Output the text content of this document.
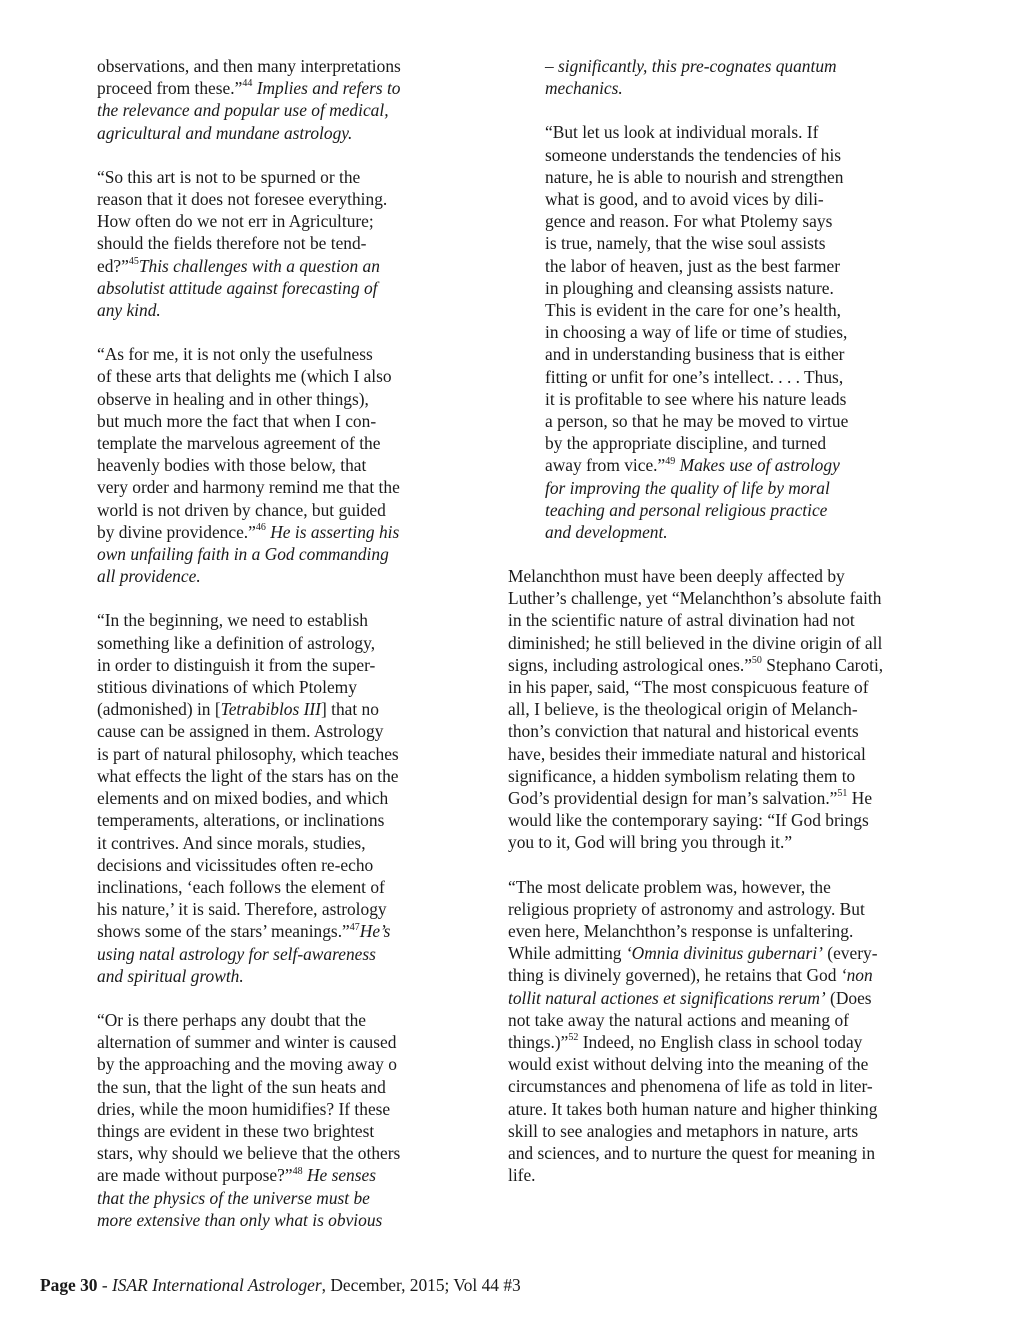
observations, and then many interpretations
proceed from these.”$^{44}$ Implies and refers to
the relevance and popular use of medical,
agricultural and mundane astrology.
“So this art is not to be spurned or the
reason that it does not foresee everything.
How often do we not err in Agriculture;
should the fields therefore not be tend-
ed?”$^{45}$This challenges with a question an
absolutist attitude against forecasting of
any kind.
“As for me, it is not only the usefulness
of these arts that delights me (which I also
observe in healing and in other things),
but much more the fact that when I con-
template the marvelous agreement of the
heavenly bodies with those below, that
very order and harmony remind me that the
world is not driven by chance, but guided
by divine providence.”$^{46}$ He is asserting his
own unfailing faith in a God commanding
all providence.
“In the beginning, we need to establish
something like a definition of astrology,
in order to distinguish it from the super-
stitious divinations of which Ptolemy
(admonished) in [Tetrabiblos III] that no
cause can be assigned in them. Astrology
is part of natural philosophy, which teaches
what effects the light of the stars has on the
elements and on mixed bodies, and which
temperaments, alterations, or inclinations
it contrives. And since morals, studies,
decisions and vicissitudes often re-echo
inclinations, ‘each follows the element of
his nature,’ it is said. Therefore, astrology
shows some of the stars’ meanings.”$^{47}$He’s
using natal astrology for self-awareness
and spiritual growth.
“Or is there perhaps any doubt that the
alternation of summer and winter is caused
by the approaching and the moving away o
the sun, that the light of the sun heats and
dries, while the moon humidifies? If these
things are evident in these two brightest
stars, why should we believe that the others
are made without purpose?”$^{48}$ He senses
that the physics of the universe must be
more extensive than only what is obvious
– significantly, this pre-cognates quantum
mechanics.
“But let us look at individual morals. If
someone understands the tendencies of his
nature, he is able to nourish and strengthen
what is good, and to avoid vices by dili-
gence and reason. For what Ptolemy says
is true, namely, that the wise soul assists
the labor of heaven, just as the best farmer
in ploughing and cleansing assists nature.
This is evident in the care for one’s health,
in choosing a way of life or time of studies,
and in understanding business that is either
fitting or unfit for one’s intellect. . . . Thus,
it is profitable to see where his nature leads
a person, so that he may be moved to virtue
by the appropriate discipline, and turned
away from vice.”$^{49}$ Makes use of astrology
for improving the quality of life by moral
teaching and personal religious practice
and development.
Melanchthon must have been deeply affected by
Luther’s challenge, yet “Melanchthon’s absolute faith
in the scientific nature of astral divination had not
diminished; he still believed in the divine origin of all
signs, including astrological ones.”$^{50}$ Stephano Caroti,
in his paper, said, “The most conspicuous feature of
all, I believe, is the theological origin of Melanch-
thon’s conviction that natural and historical events
have, besides their immediate natural and historical
significance, a hidden symbolism relating them to
God’s providential design for man’s salvation.”$^{51}$ He
would like the contemporary saying: “If God brings
you to it, God will bring you through it.”
“The most delicate problem was, however, the
religious propriety of astronomy and astrology. But
even here, Melanchthon’s response is unfaltering.
While admitting ‘Omnia divinitus gubernari’ (every-
thing is divinely governed), he retains that God ‘non
tollit natural actiones et significations rerum’ (Does
not take away the natural actions and meaning of
things.)”$^{52}$ Indeed, no English class in school today
would exist without delving into the meaning of the
circumstances and phenomena of life as told in liter-
ature. It takes both human nature and higher thinking
skill to see analogies and metaphors in nature, arts
and sciences, and to nurture the quest for meaning in
life.
Page 30 - ISAR International Astrologer, December, 2015; Vol 44 #3
